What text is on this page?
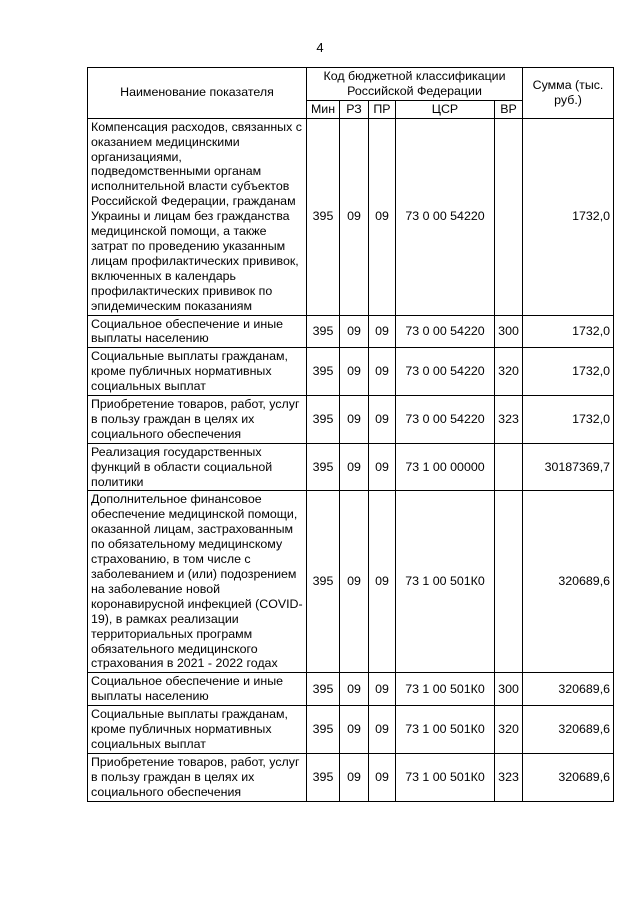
4
Наименование показателя	Код бюджетной классификации Российской Федерации					Сумма (тыс. руб.)
	Мин	РЗ	ПР	ЦСР	ВР	
Компенсация расходов, связанных с оказанием медицинскими организациями, подведомственными органам исполнительной власти субъектов Российской Федерации, гражданам Украины и лицам без гражданства медицинской помощи, а также затрат по проведению указанным лицам профилактических прививок, включенных в календарь профилактических прививок по эпидемическим показаниям	395	09	09	73 0 00 54220		1732,0
Социальное обеспечение и иные выплаты населению	395	09	09	73 0 00 54220	300	1732,0
Социальные выплаты гражданам, кроме публичных нормативных социальных выплат	395	09	09	73 0 00 54220	320	1732,0
Приобретение товаров, работ, услуг в пользу граждан в целях их социального обеспечения	395	09	09	73 0 00 54220	323	1732,0
Реализация государственных функций в области социальной политики	395	09	09	73 1 00 00000		30187369,7
Дополнительное финансовое обеспечение медицинской помощи, оказанной лицам, застрахованным по обязательному медицинскому страхованию, в том числе с заболеванием и (или) подозрением на заболевание новой коронавирусной инфекцией (COVID-19), в рамках реализации территориальных программ обязательного медицинского страхования в 2021 - 2022 годах	395	09	09	73 1 00 501К0		320689,6
Социальное обеспечение и иные выплаты населению	395	09	09	73 1 00 501К0	300	320689,6
Социальные выплаты гражданам, кроме публичных нормативных социальных выплат	395	09	09	73 1 00 501К0	320	320689,6
Приобретение товаров, работ, услуг в пользу граждан в целях их социального обеспечения	395	09	09	73 1 00 501К0	323	320689,6
